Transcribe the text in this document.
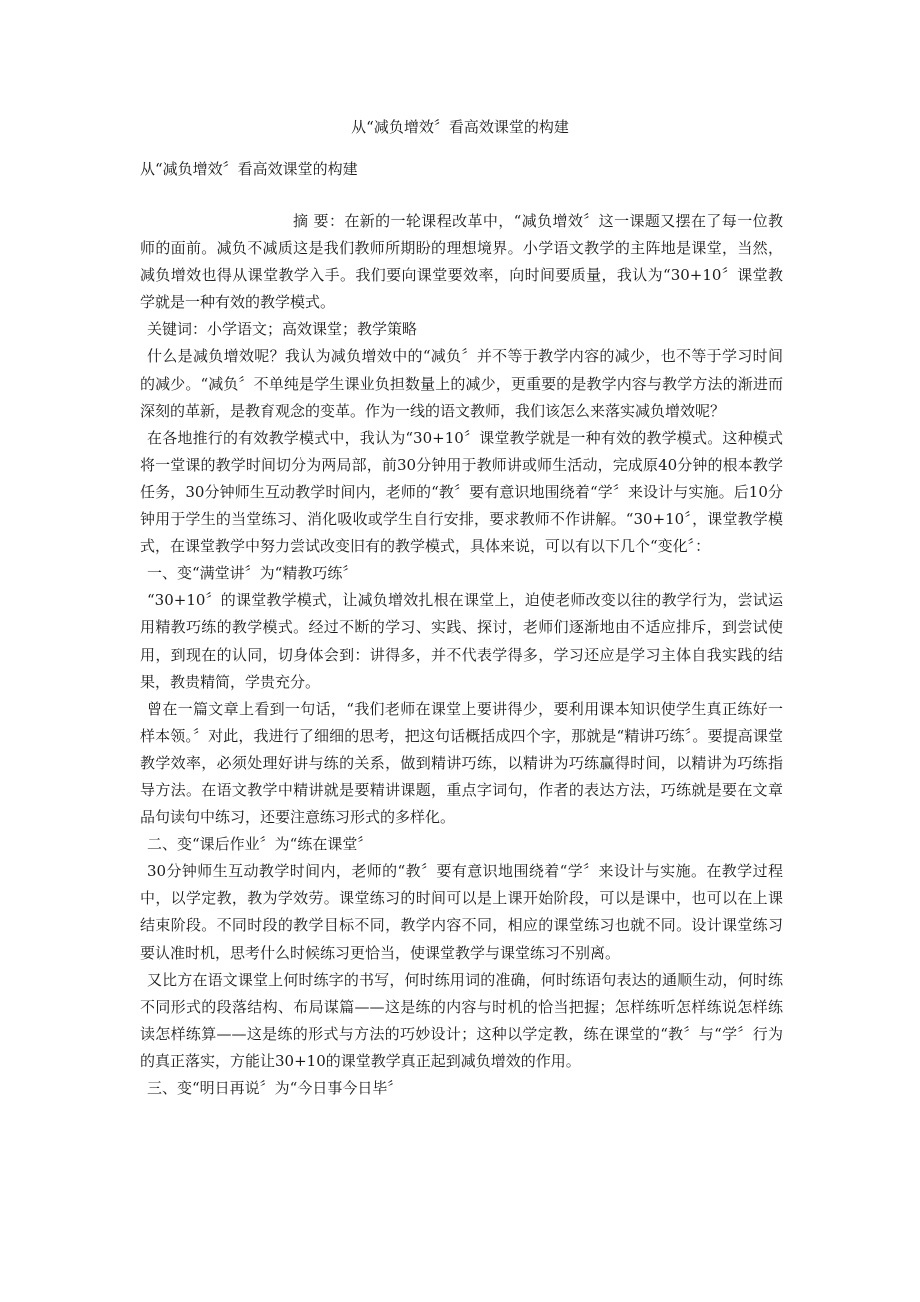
从“减负增效〞看高效课堂的构建
从“减负增效〞看高效课堂的构建

摘 要：在新的一轮课程改革中，“减负增效〞这一课题又摆在了每一位教师的面前。减负不减质这是我们教师所期盼的理想境界。小学语文教学的主阵地是课堂，当然，减负增效也得从课堂教学入手。我们要向课堂要效率，向时间要质量，我认为“30+10〞课堂教学就是一种有效的教学模式。

关键词：小学语文；高效课堂；教学策略

什么是减负增效呢？我认为减负增效中的“减负〞并不等于教学内容的减少，也不等于学习时间的减少。“减负〞不单纯是学生课业负担数量上的减少，更重要的是教学内容与教学方法的渐进而深刻的革新，是教育观念的变革。作为一线的语文教师，我们该怎么来落实减负增效呢？

在各地推行的有效教学模式中，我认为“30+10〞课堂教学就是一种有效的教学模式。这种模式将一堂课的教学时间切分为两局部，前30分钟用于教师讲或师生活动，完成原40分钟的根本教学任务，30分钟师生互动教学时间内，老师的“教〞要有意识地围绕着“学〞来设计与实施。后10分钟用于学生的当堂练习、消化吸收或学生自行安排，要求教师不作讲解。“30+10〞，课堂教学模式，在课堂教学中努力尝试改变旧有的教学模式，具体来说，可以有以下几个“变化〞：

一、变“满堂讲〞为“精教巧练〞

“30+10〞的课堂教学模式，让减负增效扎根在课堂上，迫使老师改变以往的教学行为，尝试运用精教巧练的教学模式。经过不断的学习、实践、探讨，老师们逐渐地由不适应排斥，到尝试使用，到现在的认同，切身体会到：讲得多，并不代表学得多，学习还应是学习主体自我实践的结果，教贵精简，学贵充分。

曾在一篇文章上看到一句话，“我们老师在课堂上要讲得少，要利用课本知识使学生真正练好一样本领。〞对此，我进行了细细的思考，把这句话概括成四个字，那就是“精讲巧练〞。要提高课堂教学效率，必须处理好讲与练的关系，做到精讲巧练，以精讲为巧练赢得时间，以精讲为巧练指导方法。在语文教学中精讲就是要精讲课题，重点字词句，作者的表达方法，巧练就是要在文章品句读句中练习，还要注意练习形式的多样化。

二、变“课后作业〞为“练在课堂〞

30分钟师生互动教学时间内，老师的“教〞要有意识地围绕着“学〞来设计与实施。在教学过程中，以学定教，教为学效劳。课堂练习的时间可以是上课开始阶段，可以是课中，也可以在上课结束阶段。不同时段的教学目标不同，教学内容不同，相应的课堂练习也就不同。设计课堂练习要认准时机，思考什么时候练习更恰当，使课堂教学与课堂练习不别离。

又比方在语文课堂上何时练字的书写，何时练用词的准确，何时练语句表达的通顺生动，何时练不同形式的段落结构、布局谋篇——这是练的内容与时机的恰当把握；怎样练听怎样练说怎样练读怎样练算——这是练的形式与方法的巧妙设计；这种以学定教，练在课堂的“教〞与“学〞行为的真正落实，方能让30+10的课堂教学真正起到减负增效的作用。

三、变“明日再说〞为“今日事今日毕〞
